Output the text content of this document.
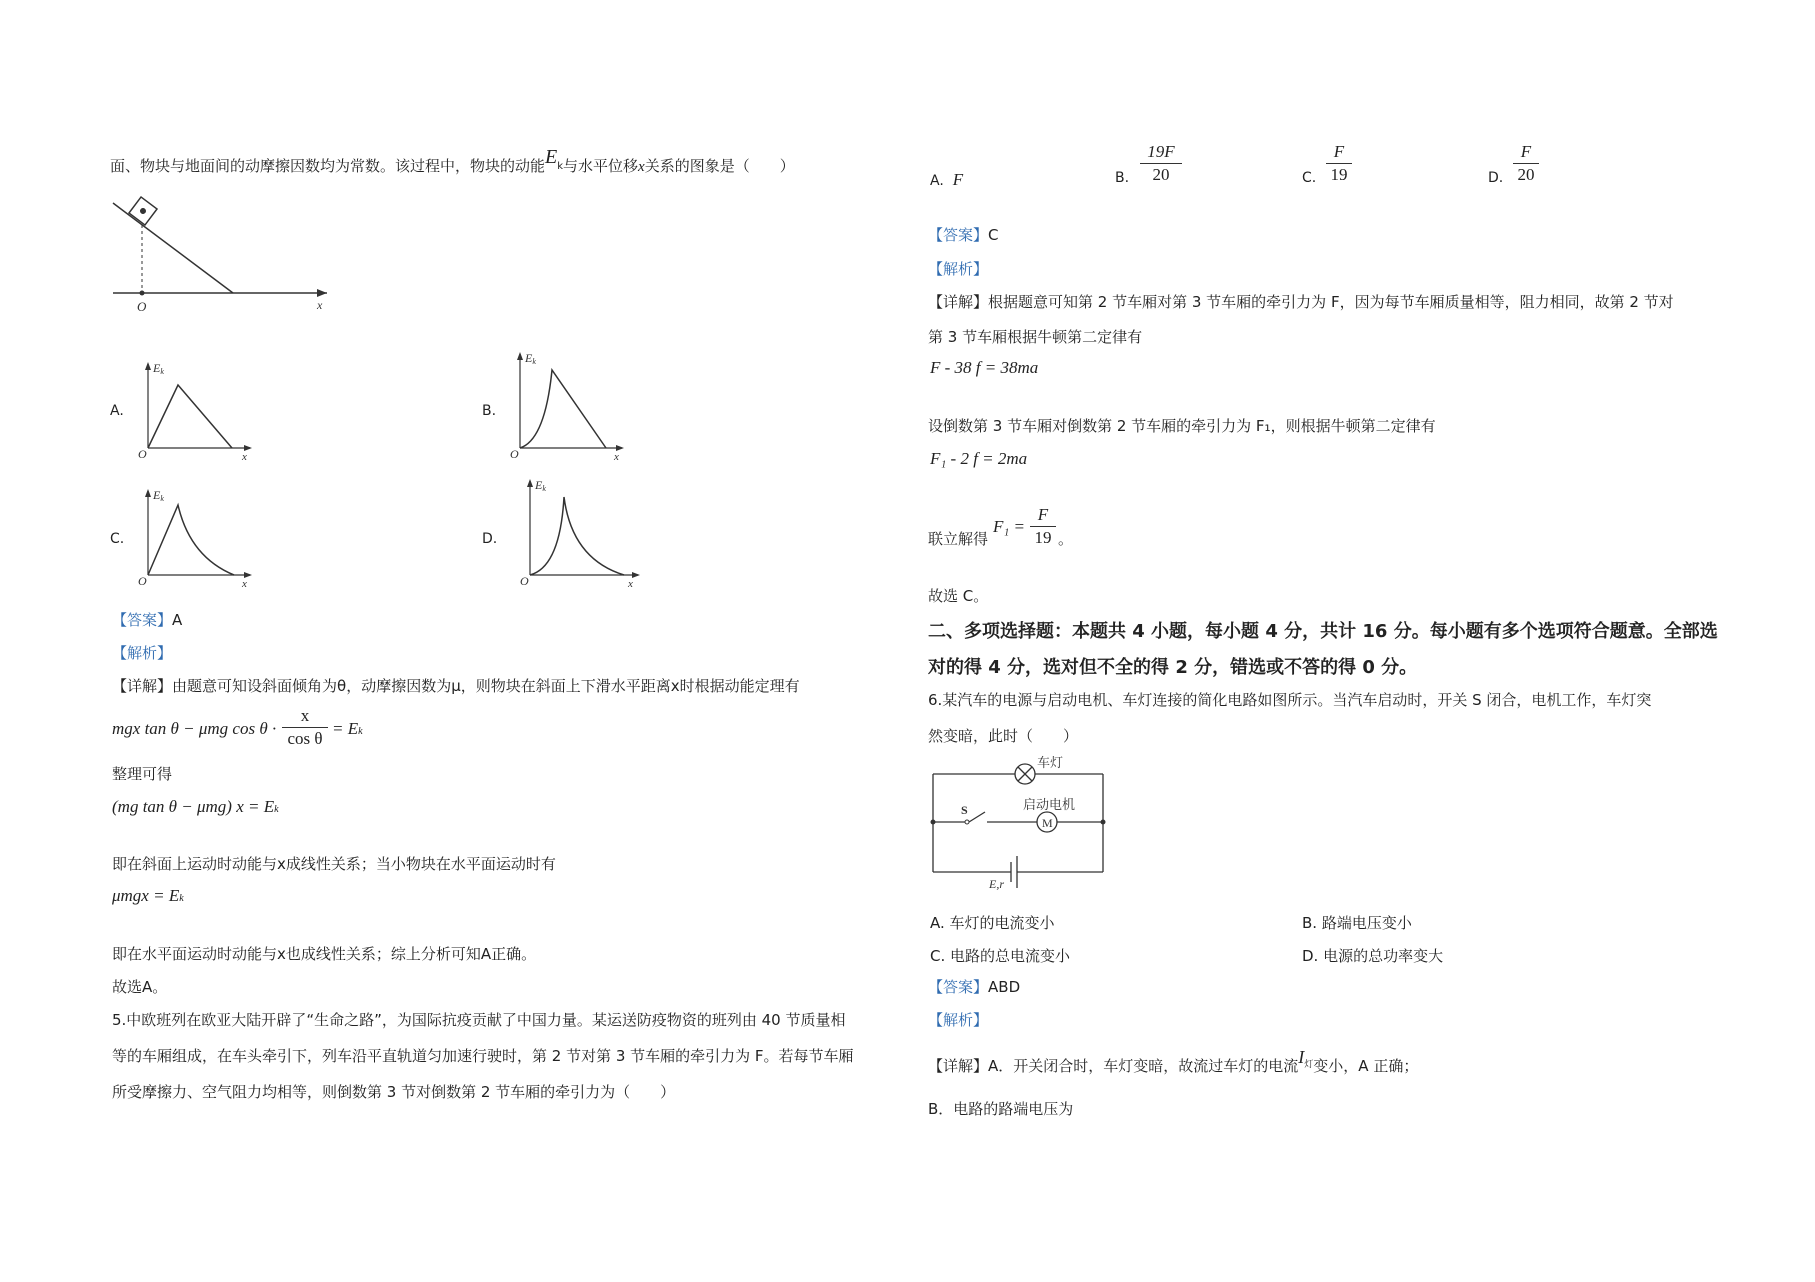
面、物块与地面间的动摩擦因数均为常数。该过程中，物块的动能Ek与水平位移x关系的图象是（　　）
O	x
A.
Ek
O	x
B.
Ek
O	x
C.
Ek
O	x
D.
Ek
O	x
【答案】A
【解析】
【详解】由题意可知设斜面倾角为θ，动摩擦因数为μ，则物块在斜面上下滑水平距离x时根据动能定理有
mgx tan θ − μmg cos θ ·
x
cos θ
= Ek
整理可得
(mg tan θ − μmg) x = Ek
即在斜面上运动时动能与x成线性关系；当小物块在水平面运动时有
μmgx = Ek
即在水平面运动时动能与x也成线性关系；综上分析可知A正确。
故选A。
5.中欧班列在欧亚大陆开辟了“生命之路”，为国际抗疫贡献了中国力量。某运送防疫物资的班列由 40 节质量相
等的车厢组成，在车头牵引下，列车沿平直轨道匀加速行驶时，第 2 节对第 3 节车厢的牵引力为 F。若每节车厢
所受摩擦力、空气阻力均相等，则倒数第 3 节对倒数第 2 节车厢的牵引力为（　　）
A. F	B.
19F
20	C.
F
19	D.
F
20
【答案】C
【解析】
【详解】根据题意可知第 2 节车厢对第 3 节车厢的牵引力为 F，因为每节车厢质量相等，阻力相同，故第 2 节对
第 3 节车厢根据牛顿第二定律有
F - 38 f = 38ma
设倒数第 3 节车厢对倒数第 2 节车厢的牵引力为 F₁，则根据牛顿第二定律有
F₁ - 2 f = 2ma
联立解得
F₁ =
F
19 。
故选 C。
二、多项选择题：本题共 4 小题，每小题 4 分，共计 16 分。每小题有多个选项符合题意。全部选
对的得 4 分，选对但不全的得 2 分，错选或不答的得 0 分。
6.某汽车的电源与启动电机、车灯连接的简化电路如图所示。当汽车启动时，开关 S 闭合，电机工作，车灯突
然变暗，此时（　　）
车灯
S
M
启动电机
E,r
A. 车灯的电流变小	B. 路端电压变小
C. 电路的总电流变小	D. 电源的总功率变大
【答案】ABD
【解析】
【详解】A．开关闭合时，车灯变暗，故流过车灯的电流$I^灯$变小，A 正确；
B．电路的路端电压为
